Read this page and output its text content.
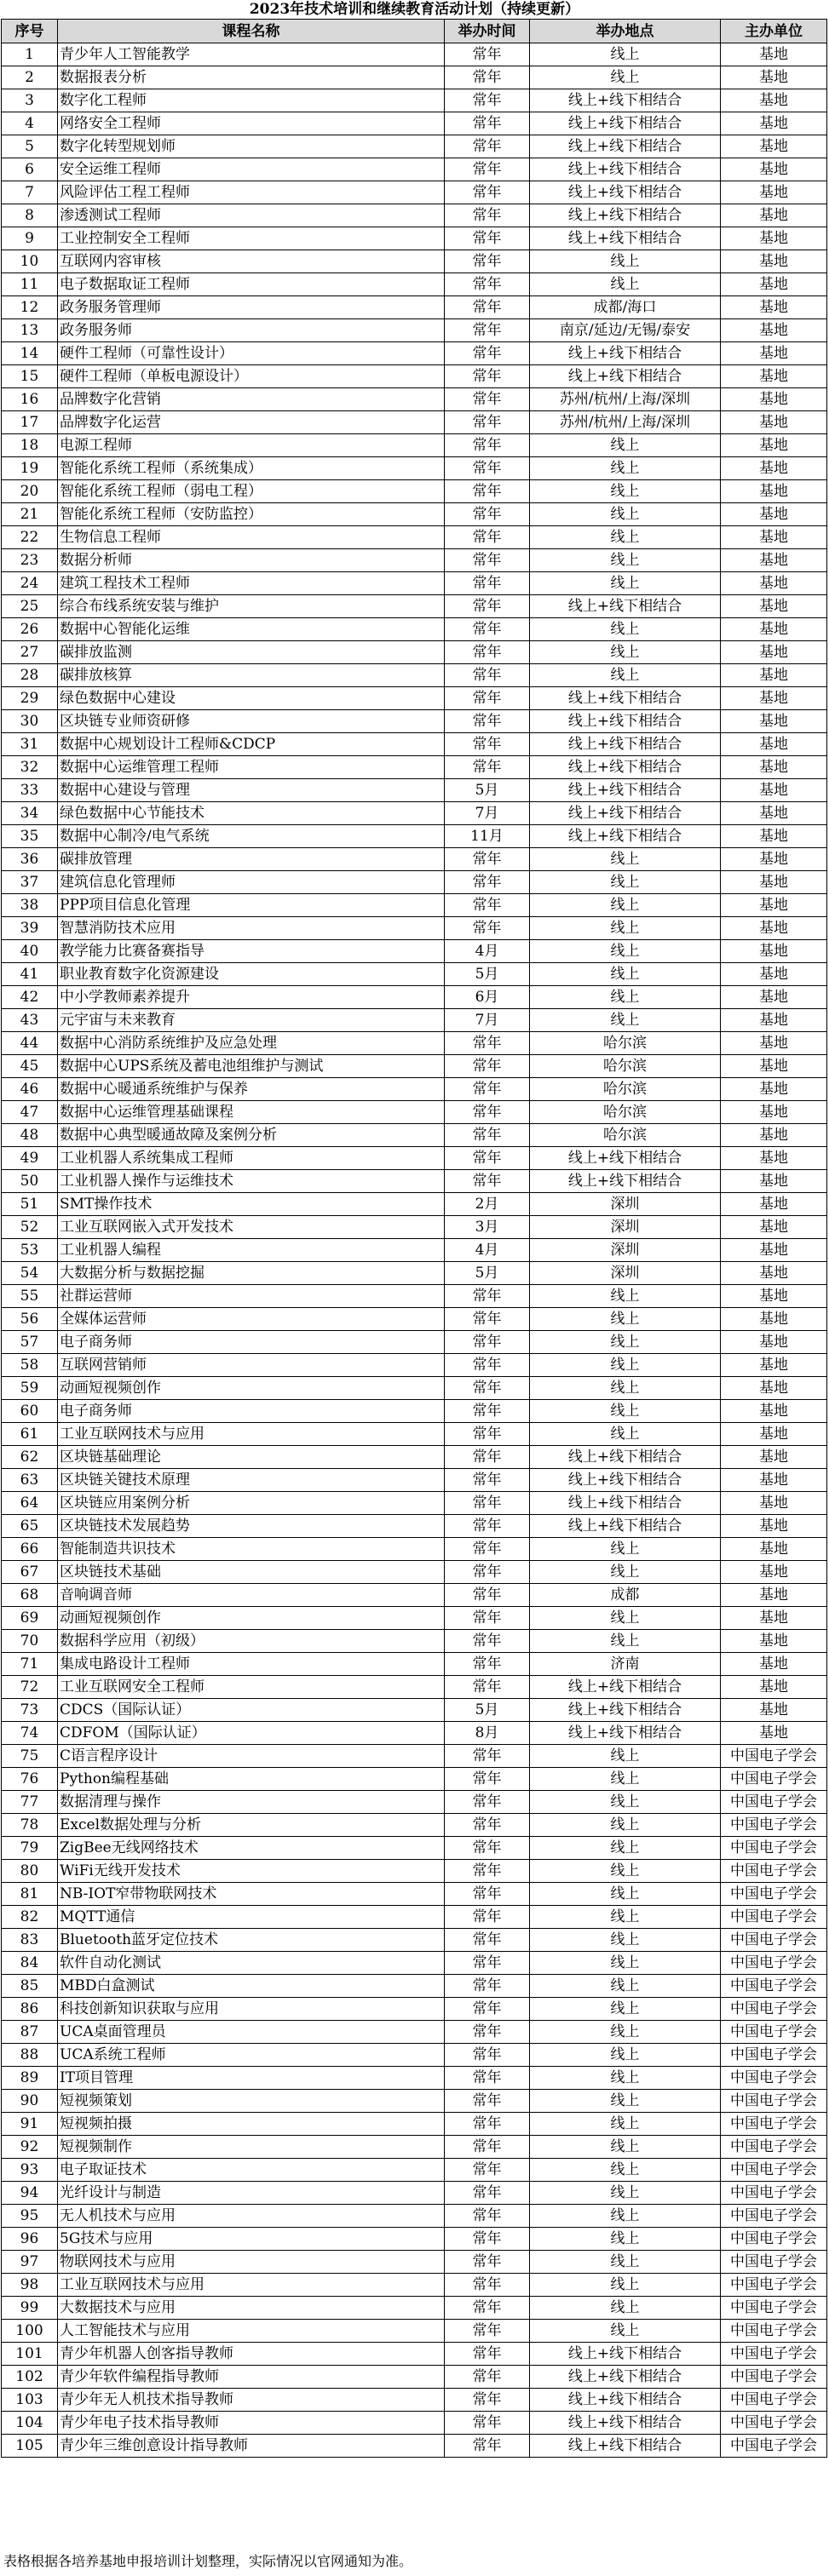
2023年技术培训和继续教育活动计划（持续更新）
序号	课程名称	举办时间	举办地点	主办单位
1	青少年人工智能教学	常年	线上	基地
2	数据报表分析	常年	线上	基地
3	数字化工程师	常年	线上+线下相结合	基地
4	网络安全工程师	常年	线上+线下相结合	基地
5	数字化转型规划师	常年	线上+线下相结合	基地
6	安全运维工程师	常年	线上+线下相结合	基地
7	风险评估工程工程师	常年	线上+线下相结合	基地
8	渗透测试工程师	常年	线上+线下相结合	基地
9	工业控制安全工程师	常年	线上+线下相结合	基地
10	互联网内容审核	常年	线上	基地
11	电子数据取证工程师	常年	线上	基地
12	政务服务管理师	常年	成都/海口	基地
13	政务服务师	常年	南京/延边/无锡/泰安	基地
14	硬件工程师（可靠性设计）	常年	线上+线下相结合	基地
15	硬件工程师（单板电源设计）	常年	线上+线下相结合	基地
16	品牌数字化营销	常年	苏州/杭州/上海/深圳	基地
17	品牌数字化运营	常年	苏州/杭州/上海/深圳	基地
18	电源工程师	常年	线上	基地
19	智能化系统工程师（系统集成）	常年	线上	基地
20	智能化系统工程师（弱电工程）	常年	线上	基地
21	智能化系统工程师（安防监控）	常年	线上	基地
22	生物信息工程师	常年	线上	基地
23	数据分析师	常年	线上	基地
24	建筑工程技术工程师	常年	线上	基地
25	综合布线系统安装与维护	常年	线上+线下相结合	基地
26	数据中心智能化运维	常年	线上	基地
27	碳排放监测	常年	线上	基地
28	碳排放核算	常年	线上	基地
29	绿色数据中心建设	常年	线上+线下相结合	基地
30	区块链专业师资研修	常年	线上+线下相结合	基地
31	数据中心规划设计工程师&CDCP	常年	线上+线下相结合	基地
32	数据中心运维管理工程师	常年	线上+线下相结合	基地
33	数据中心建设与管理	5月	线上+线下相结合	基地
34	绿色数据中心节能技术	7月	线上+线下相结合	基地
35	数据中心制冷/电气系统	11月	线上+线下相结合	基地
36	碳排放管理	常年	线上	基地
37	建筑信息化管理师	常年	线上	基地
38	PPP项目信息化管理	常年	线上	基地
39	智慧消防技术应用	常年	线上	基地
40	教学能力比赛备赛指导	4月	线上	基地
41	职业教育数字化资源建设	5月	线上	基地
42	中小学教师素养提升	6月	线上	基地
43	元宇宙与未来教育	7月	线上	基地
44	数据中心消防系统维护及应急处理	常年	哈尔滨	基地
45	数据中心UPS系统及蓄电池组维护与测试	常年	哈尔滨	基地
46	数据中心暖通系统维护与保养	常年	哈尔滨	基地
47	数据中心运维管理基础课程	常年	哈尔滨	基地
48	数据中心典型暖通故障及案例分析	常年	哈尔滨	基地
49	工业机器人系统集成工程师	常年	线上+线下相结合	基地
50	工业机器人操作与运维技术	常年	线上+线下相结合	基地
51	SMT操作技术	2月	深圳	基地
52	工业互联网嵌入式开发技术	3月	深圳	基地
53	工业机器人编程	4月	深圳	基地
54	大数据分析与数据挖掘	5月	深圳	基地
55	社群运营师	常年	线上	基地
56	全媒体运营师	常年	线上	基地
57	电子商务师	常年	线上	基地
58	互联网营销师	常年	线上	基地
59	动画短视频创作	常年	线上	基地
60	电子商务师	常年	线上	基地
61	工业互联网技术与应用	常年	线上	基地
62	区块链基础理论	常年	线上+线下相结合	基地
63	区块链关键技术原理	常年	线上+线下相结合	基地
64	区块链应用案例分析	常年	线上+线下相结合	基地
65	区块链技术发展趋势	常年	线上+线下相结合	基地
66	智能制造共识技术	常年	线上	基地
67	区块链技术基础	常年	线上	基地
68	音响调音师	常年	成都	基地
69	动画短视频创作	常年	线上	基地
70	数据科学应用（初级）	常年	线上	基地
71	集成电路设计工程师	常年	济南	基地
72	工业互联网安全工程师	常年	线上+线下相结合	基地
73	CDCS（国际认证）	5月	线上+线下相结合	基地
74	CDFOM（国际认证）	8月	线上+线下相结合	基地
75	C语言程序设计	常年	线上	中国电子学会
76	Python编程基础	常年	线上	中国电子学会
77	数据清理与操作	常年	线上	中国电子学会
78	Excel数据处理与分析	常年	线上	中国电子学会
79	ZigBee无线网络技术	常年	线上	中国电子学会
80	WiFi无线开发技术	常年	线上	中国电子学会
81	NB-IOT窄带物联网技术	常年	线上	中国电子学会
82	MQTT通信	常年	线上	中国电子学会
83	Bluetooth蓝牙定位技术	常年	线上	中国电子学会
84	软件自动化测试	常年	线上	中国电子学会
85	MBD白盒测试	常年	线上	中国电子学会
86	科技创新知识获取与应用	常年	线上	中国电子学会
87	UCA桌面管理员	常年	线上	中国电子学会
88	UCA系统工程师	常年	线上	中国电子学会
89	IT项目管理	常年	线上	中国电子学会
90	短视频策划	常年	线上	中国电子学会
91	短视频拍摄	常年	线上	中国电子学会
92	短视频制作	常年	线上	中国电子学会
93	电子取证技术	常年	线上	中国电子学会
94	光纤设计与制造	常年	线上	中国电子学会
95	无人机技术与应用	常年	线上	中国电子学会
96	5G技术与应用	常年	线上	中国电子学会
97	物联网技术与应用	常年	线上	中国电子学会
98	工业互联网技术与应用	常年	线上	中国电子学会
99	大数据技术与应用	常年	线上	中国电子学会
100	人工智能技术与应用	常年	线上	中国电子学会
101	青少年机器人创客指导教师	常年	线上+线下相结合	中国电子学会
102	青少年软件编程指导教师	常年	线上+线下相结合	中国电子学会
103	青少年无人机技术指导教师	常年	线上+线下相结合	中国电子学会
104	青少年电子技术指导教师	常年	线上+线下相结合	中国电子学会
105	青少年三维创意设计指导教师	常年	线上+线下相结合	中国电子学会
表格根据各培养基地申报培训计划整理，实际情况以官网通知为准。
